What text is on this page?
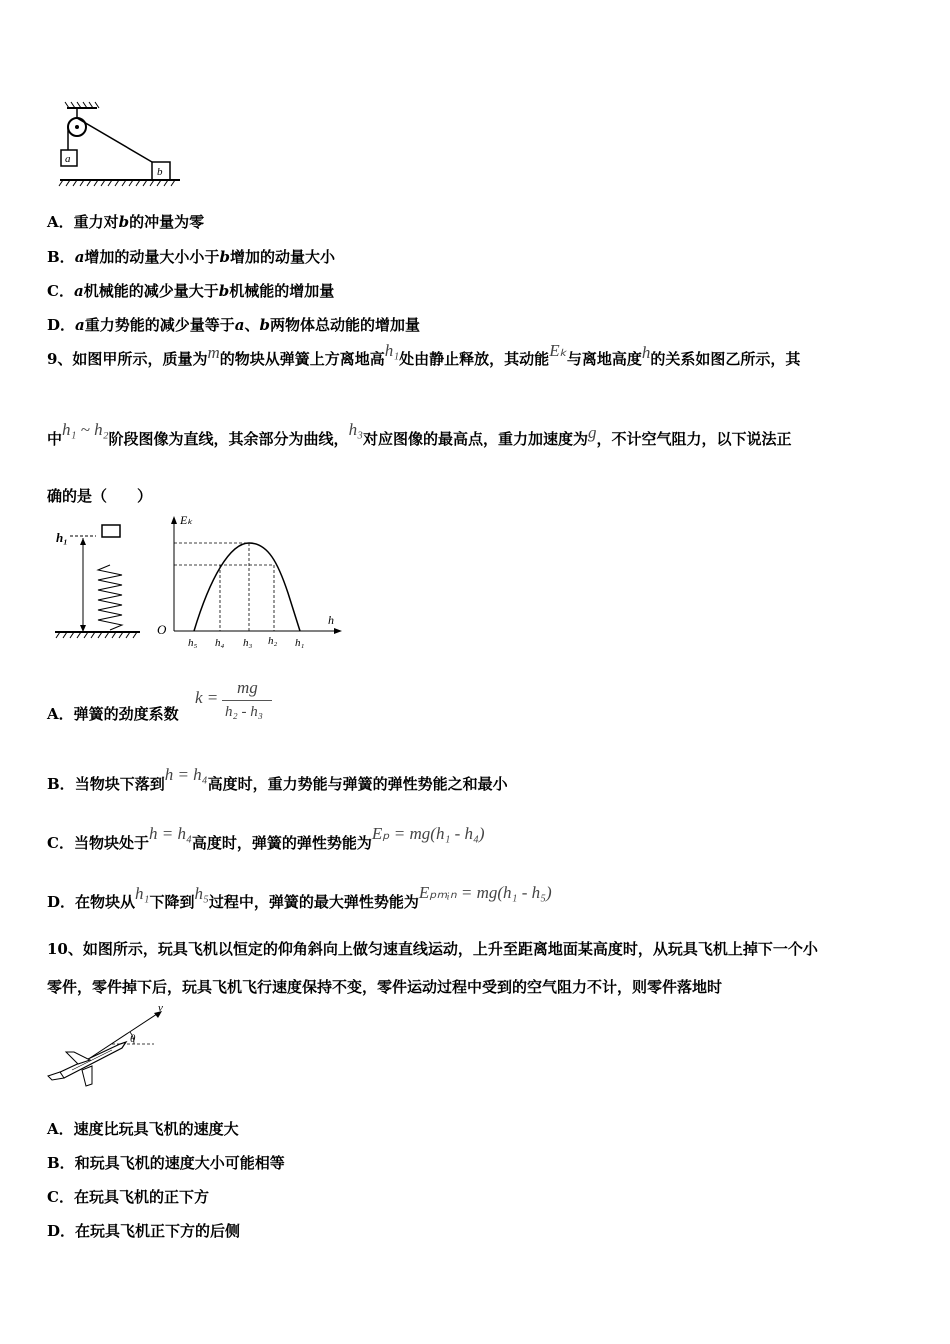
a
b
A．重力对b的冲量为零
B．a增加的动量大小小于b增加的动量大小
C．a机械能的减少量大于b机械能的增加量
D．a重力势能的减少量等于a、b两物体总动能的增加量
9、如图甲所示，质量为m的物块从弹簧上方离地高h₁处由静止释放，其动能Eₖ与离地高度h的关系如图乙所示，其
中h₁ ~ h₂阶段图像为直线，其余部分为曲线，h₃对应图像的最高点，重力加速度为g，不计空气阻力，以下说法正
确的是（　　）
h₁
Eₖ
h
O
h₅ h₄ h₃ h₂ h₁
A．弹簧的劲度系数
k =
mg
h₂ - h₃
B．当物块下落到h = h₄高度时，重力势能与弹簧的弹性势能之和最小
C．当物块处于h = h₄高度时，弹簧的弹性势能为Eₚ = mg(h₁ - h₄)
D．在物块从h₁下降到h₅过程中，弹簧的最大弹性势能为Eₚₘᵢₙ = mg(h₁ - h₅)
10、如图所示，玩具飞机以恒定的仰角斜向上做匀速直线运动，上升至距离地面某高度时，从玩具飞机上掉下一个小
零件，零件掉下后，玩具飞机飞行速度保持不变，零件运动过程中受到的空气阻力不计，则零件落地时
v
θ
A．速度比玩具飞机的速度大
B．和玩具飞机的速度大小可能相等
C．在玩具飞机的正下方
D．在玩具飞机正下方的后侧
